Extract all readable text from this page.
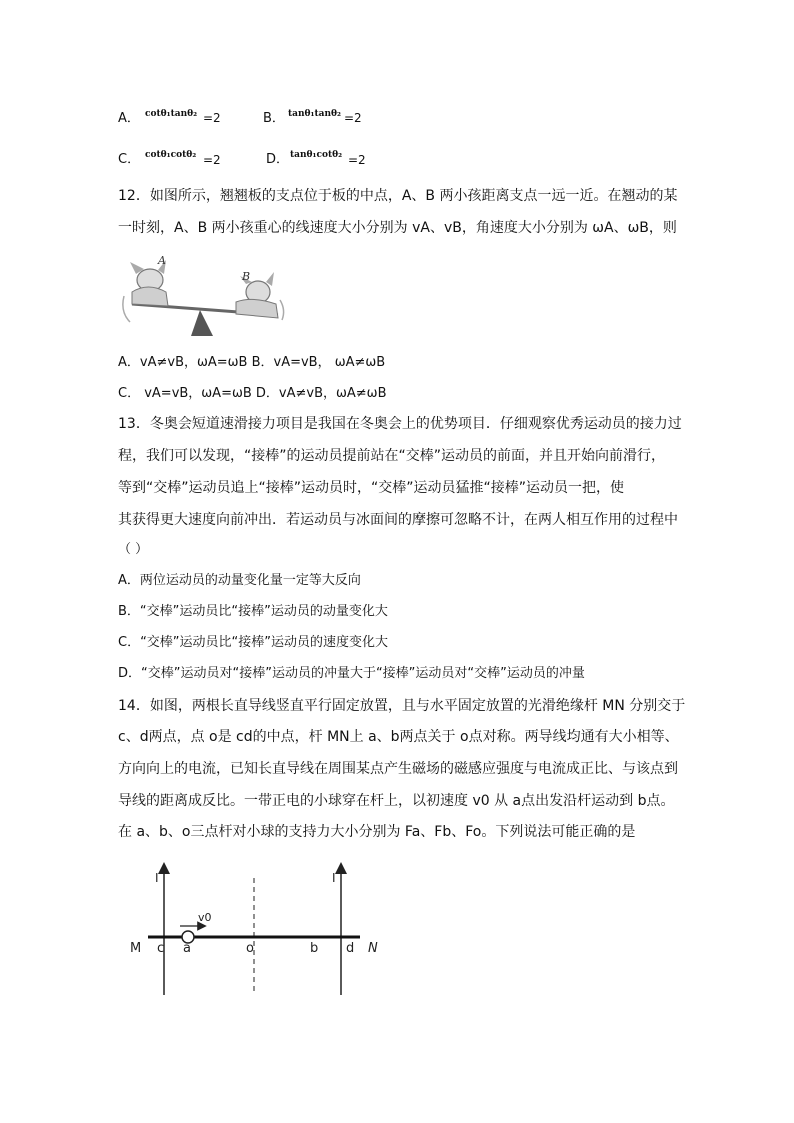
A． cotθ₁tanθ₂ =2	B． tanθ₁tanθ₂ =2
C． cotθ₁cotθ₂ =2	D． tanθ₁cotθ₂ =2
12．如图所示，翘翘板的支点位于板的中点，A、B 两小孩距离支点一远一近。在翘动的某
一时刻，A、B 两小孩重心的线速度大小分别为 vA、vB，角速度大小分别为 ωA、ωB，则
A
B
A．vA≠vB，ωA=ωB B．vA=vB， ωA≠ωB
C． vA=vB，ωA=ωB D．vA≠vB，ωA≠ωB
13．冬奥会短道速滑接力项目是我国在冬奥会上的优势项目．仔细观察优秀运动员的接力过
程，我们可以发现，“接棒”的运动员提前站在“交棒”运动员的前面，并且开始向前滑行，
等到“交棒”运动员追上“接棒”运动员时，“交棒”运动员猛推“接棒”运动员一把，使
其获得更大速度向前冲出．若运动员与冰面间的摩擦可忽略不计，在两人相互作用的过程中
（ ）
A．两位运动员的动量变化量一定等大反向
B．“交棒”运动员比“接棒”运动员的动量变化大
C．“交棒”运动员比“接棒”运动员的速度变化大
D．“交棒”运动员对“接棒”运动员的冲量大于“接棒”运动员对“交棒”运动员的冲量
14．如图，两根长直导线竖直平行固定放置，且与水平固定放置的光滑绝缘杆 MN 分别交于
c、d两点，点 o是 cd的中点，杆 MN上 a、b两点关于 o点对称。两导线均通有大小相等、
方向向上的电流，已知长直导线在周围某点产生磁场的磁感应强度与电流成正比、与该点到
导线的距离成反比。一带正电的小球穿在杆上，以初速度 v0 从 a点出发沿杆运动到 b点。
在 a、b、o三点杆对小球的支持力大小分别为 Fa、Fb、Fo。下列说法可能正确的是
I	I
v0
M c a	o	b d N
